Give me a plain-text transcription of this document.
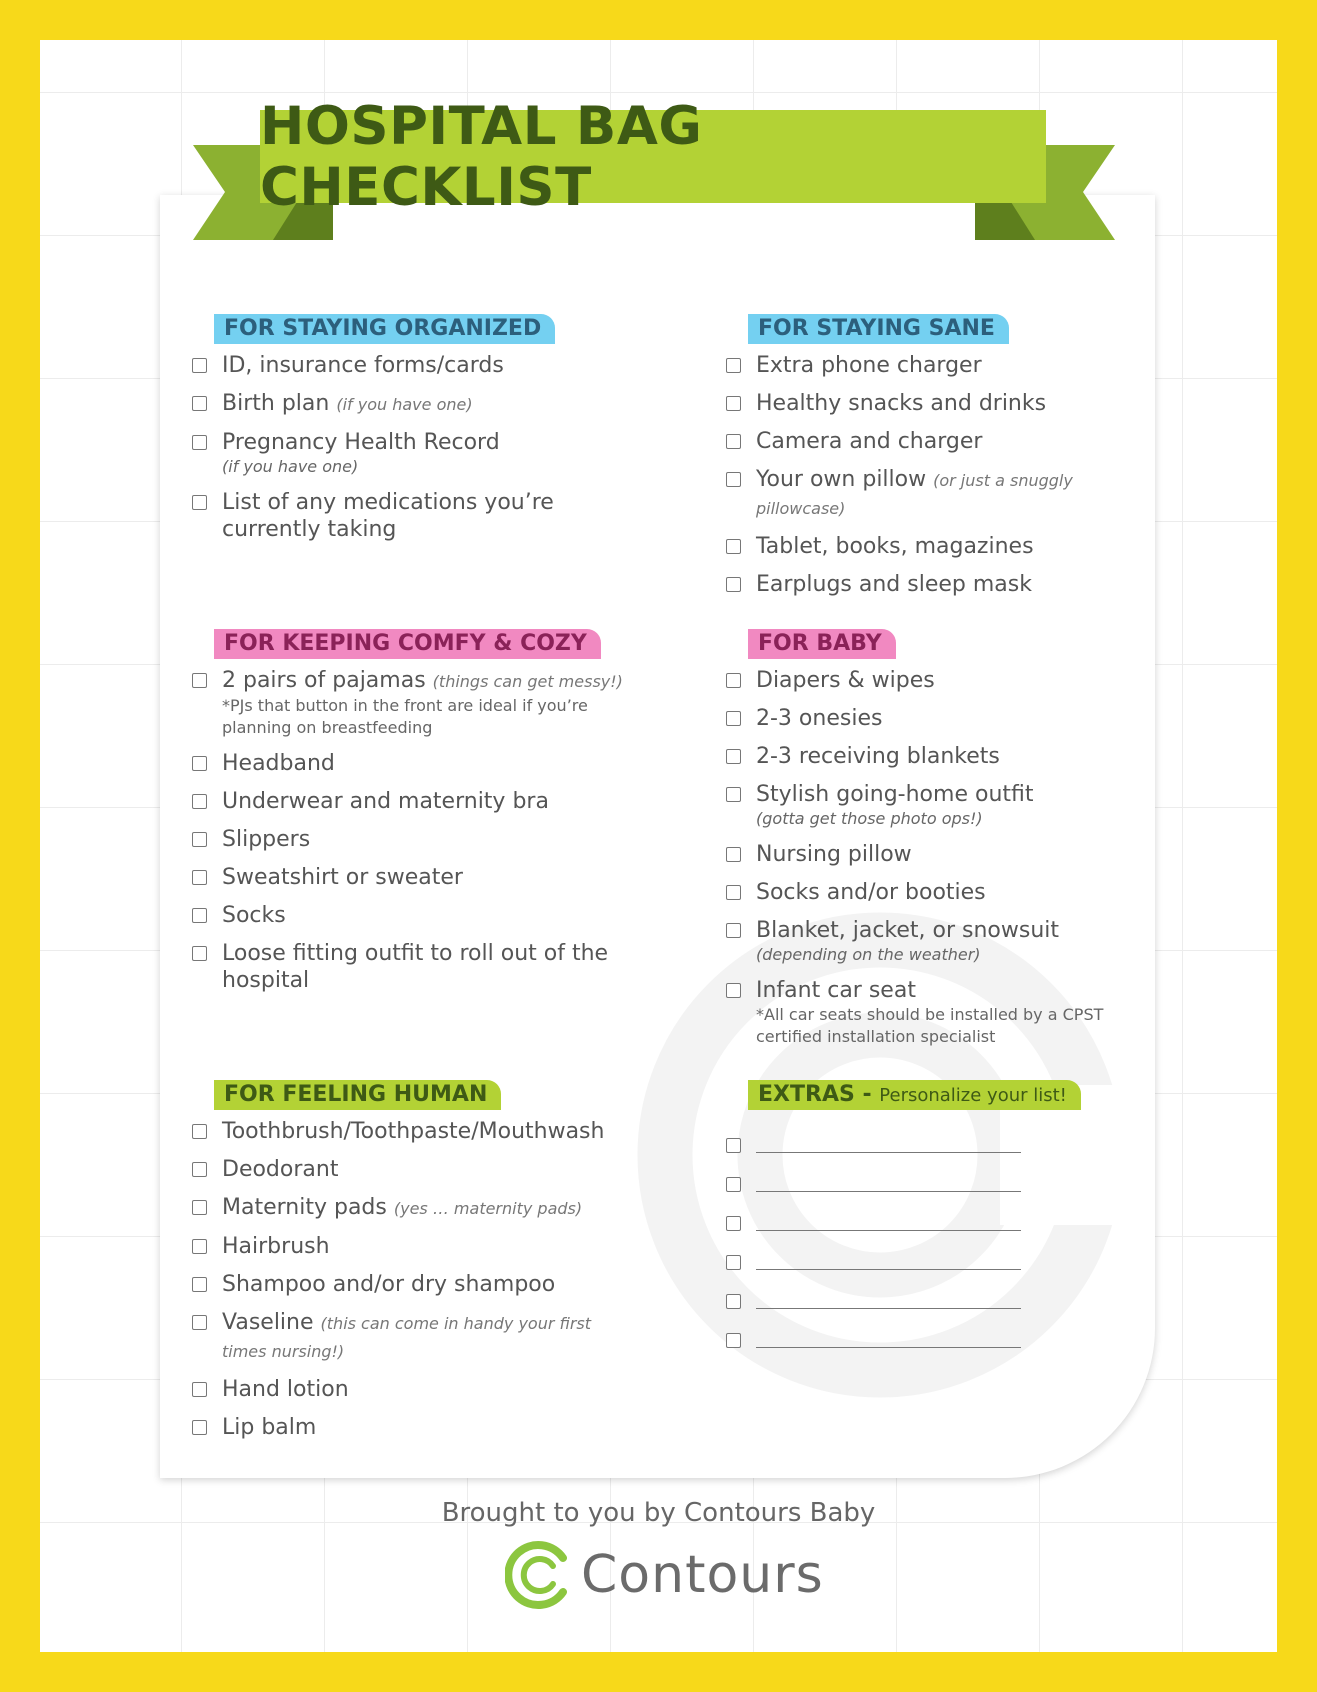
HOSPITAL BAG CHECKLIST
FOR STAYING ORGANIZED
ID, insurance forms/cards
Birth plan (if you have one)
Pregnancy Health Record
(if you have one)
List of any medications you’re currently taking
FOR STAYING SANE
Extra phone charger
Healthy snacks and drinks
Camera and charger
Your own pillow (or just a snuggly pillowcase)
Tablet, books, magazines
Earplugs and sleep mask
FOR KEEPING COMFY & COZY
2 pairs of pajamas (things can get messy!)
*PJs that button in the front are ideal if you’re planning on breastfeeding
Headband
Underwear and maternity bra
Slippers
Sweatshirt or sweater
Socks
Loose fitting outfit to roll out of the hospital
FOR BABY
Diapers & wipes
2-3 onesies
2-3 receiving blankets
Stylish going-home outfit
(gotta get those photo ops!)
Nursing pillow
Socks and/or booties
Blanket, jacket, or snowsuit
(depending on the weather)
Infant car seat
*All car seats should be installed by a CPST certified installation specialist
FOR FEELING HUMAN
Toothbrush/Toothpaste/Mouthwash
Deodorant
Maternity pads (yes … maternity pads)
Hairbrush
Shampoo and/or dry shampoo
Vaseline (this can come in handy your first times nursing!)
Hand lotion
Lip balm
EXTRAS - Personalize your list!
Brought to you by Contours Baby
Contours
